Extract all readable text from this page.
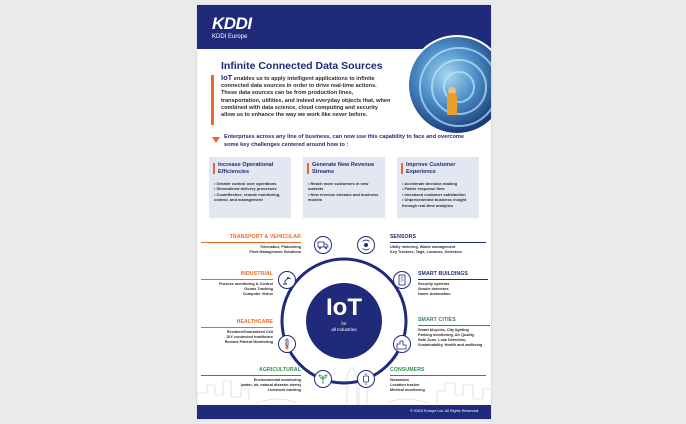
KDDI
KDDI Europe
Infinite Connected Data Sources
IoT enables us to apply intelligent applications to infinite connected data sources in order to drive real-time actions. These data sources can be from production lines, transportation, utilities, and indeed everyday objects that, when combined with data science, cloud computing and security allow us to enhance the way we work like never before.
Enterprises across any line of business, can now use this capability to face and overcome some key challenges centered around how to :
Increase Operational Efficiencies
• Greater control over operations
• Streamlined delivery processes
• Costeffective, remote monitoring, control, and management
Generate New Revenue Streams
• Reach more customers in new markets
• New revenue streams and business models
Improve Customer Experience
• Accelerate decision making
• Faster response time
• Increased customer satisfaction
• Unprecedented business insight through real-time analytics
IoT
for
all Industries
TRANSPORT & VEHICULAR

Telematics, Platooning

Fleet Management Solutions

INDUSTRIAL

Process monitoring & Control

Goods Tracking

Computer Vision

HEALTHCARE

Resident/Guaranteed Cell

DIY connected healthcare

Remote Patient Monitoring

AGRICULTURAL

Environmental monitoring

(water, air, natural disaster alerts)

Livestock tracking

SENSORS

Utility metering, Waste management

Key Trackers, Tags, Locators, Detectors

SMART BUILDINGS

Security systems

Smoke detectors

Home Automation

SMART CITIES

Smart bicycles, City lighting

Parking monitoring, Air Quality,

Safe Zone, Leak Detection,

Sustainability, Health and wellbeing

CONSUMERS

Wearables

Location tracker

Medical monitoring

© KDDI Europe Ltd. All Rights Reserved.
